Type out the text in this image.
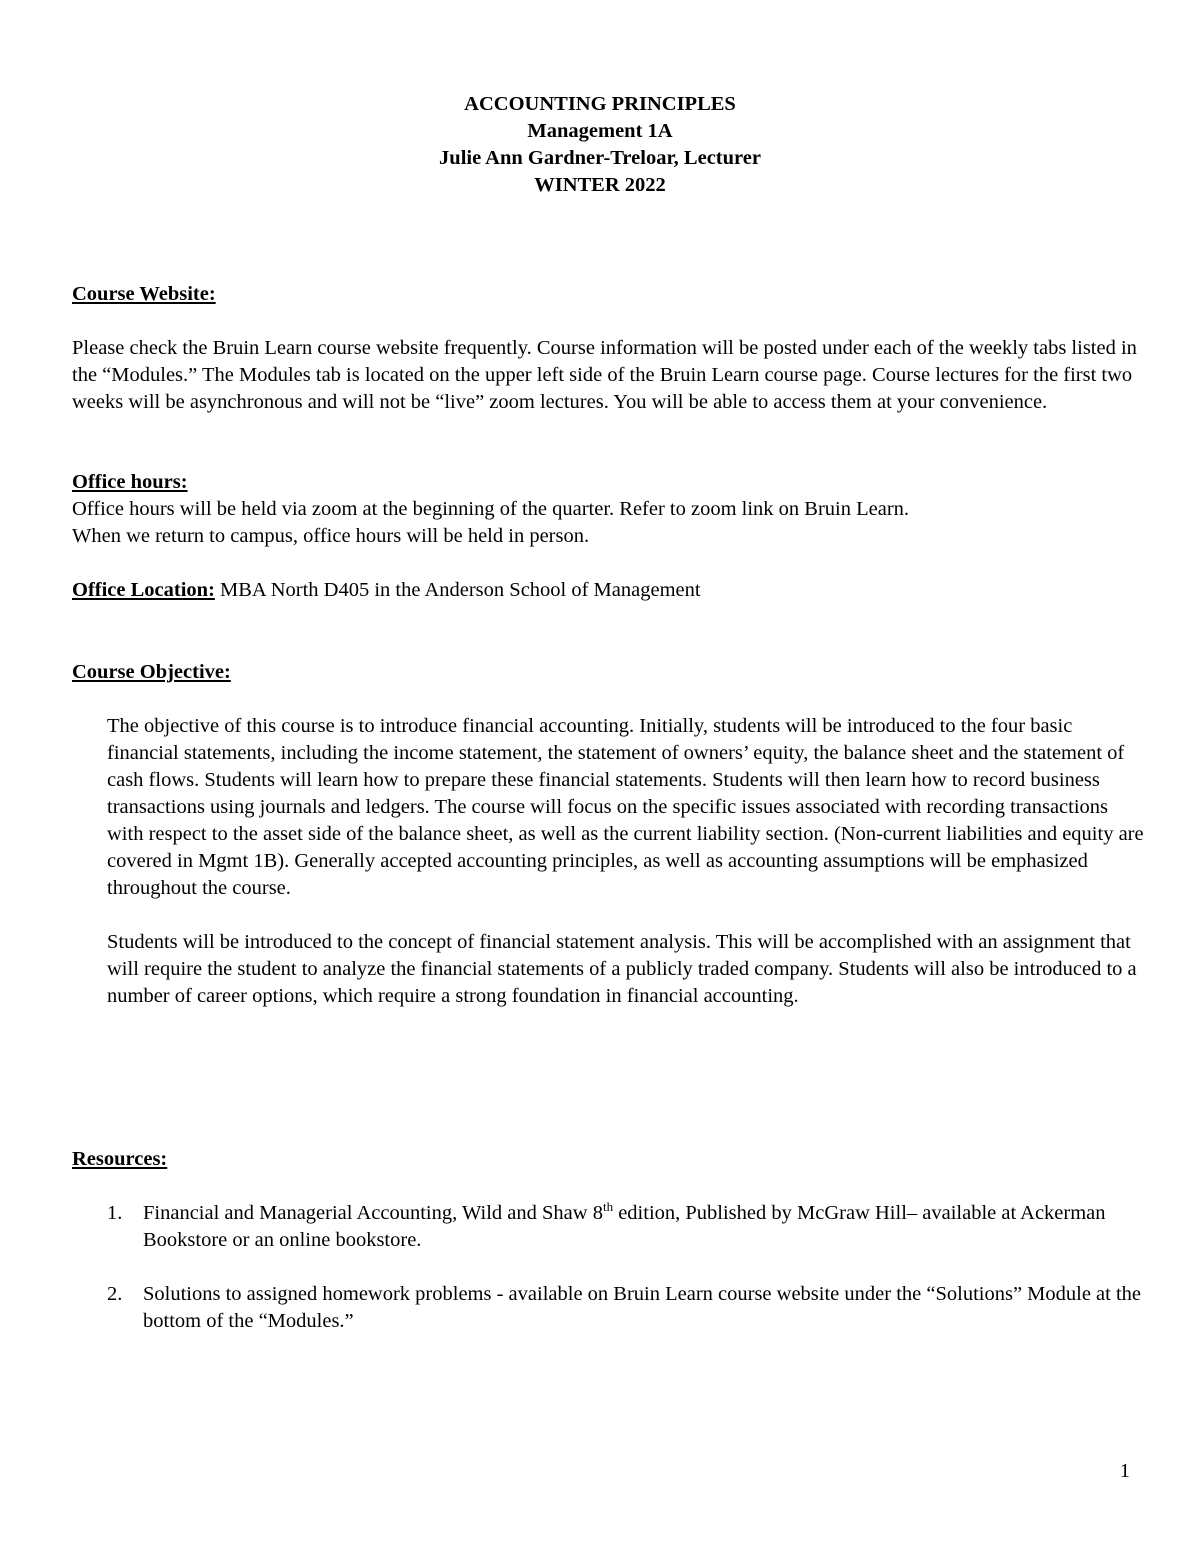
ACCOUNTING PRINCIPLES
Management 1A
Julie Ann Gardner-Treloar, Lecturer
WINTER 2022

Course Website:

Please check the Bruin Learn course website frequently. Course information will be posted under each of the weekly tabs listed in the “Modules.” The Modules tab is located on the upper left side of the Bruin Learn course page. Course lectures for the first two weeks will be asynchronous and will not be “live” zoom lectures. You will be able to access them at your convenience.

Office hours:

Office hours will be held via zoom at the beginning of the quarter. Refer to zoom link on Bruin Learn.

When we return to campus, office hours will be held in person.

Office Location: MBA North D405 in the Anderson School of Management

Course Objective:

The objective of this course is to introduce financial accounting. Initially, students will be introduced to the four basic financial statements, including the income statement, the statement of owners’ equity, the balance sheet and the statement of cash flows. Students will learn how to prepare these financial statements. Students will then learn how to record business transactions using journals and ledgers. The course will focus on the specific issues associated with recording transactions with respect to the asset side of the balance sheet, as well as the current liability section. (Non-current liabilities and equity are covered in Mgmt 1B). Generally accepted accounting principles, as well as accounting assumptions will be emphasized throughout the course.

Students will be introduced to the concept of financial statement analysis. This will be accomplished with an assignment that will require the student to analyze the financial statements of a publicly traded company. Students will also be introduced to a number of career options, which require a strong foundation in financial accounting.

Resources:

1. Financial and Managerial Accounting, Wild and Shaw 8th edition, Published by McGraw Hill– available at Ackerman Bookstore or an online bookstore.

2. Solutions to assigned homework problems - available on Bruin Learn course website under the “Solutions” Module at the bottom of the “Modules.”

1
